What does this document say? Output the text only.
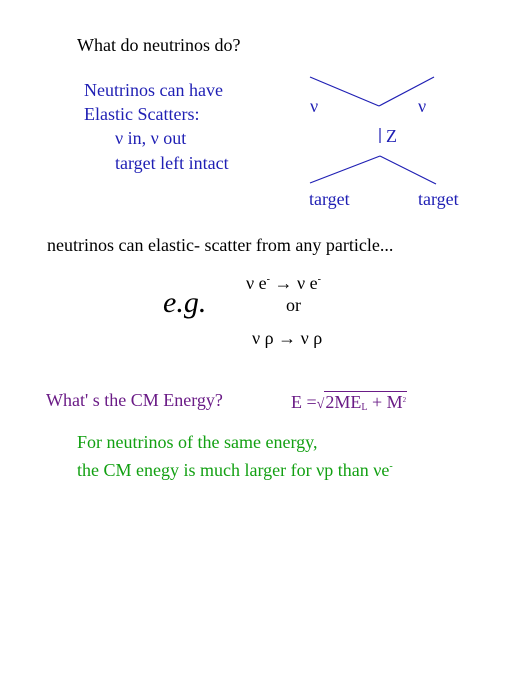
What do neutrinos do?
Neutrinos can have
Elastic Scatters:
ν in, ν out
target left intact
ν	ν
Z
target	target
neutrinos can elastic- scatter from any particle...
e.g.
ν e- → ν e-
or
ν ρ → ν ρ
What' s the CM Energy?	$E =√2ME_L + M^2$
For neutrinos of the same energy,
the CM enegy is much larger for νp than νe-
